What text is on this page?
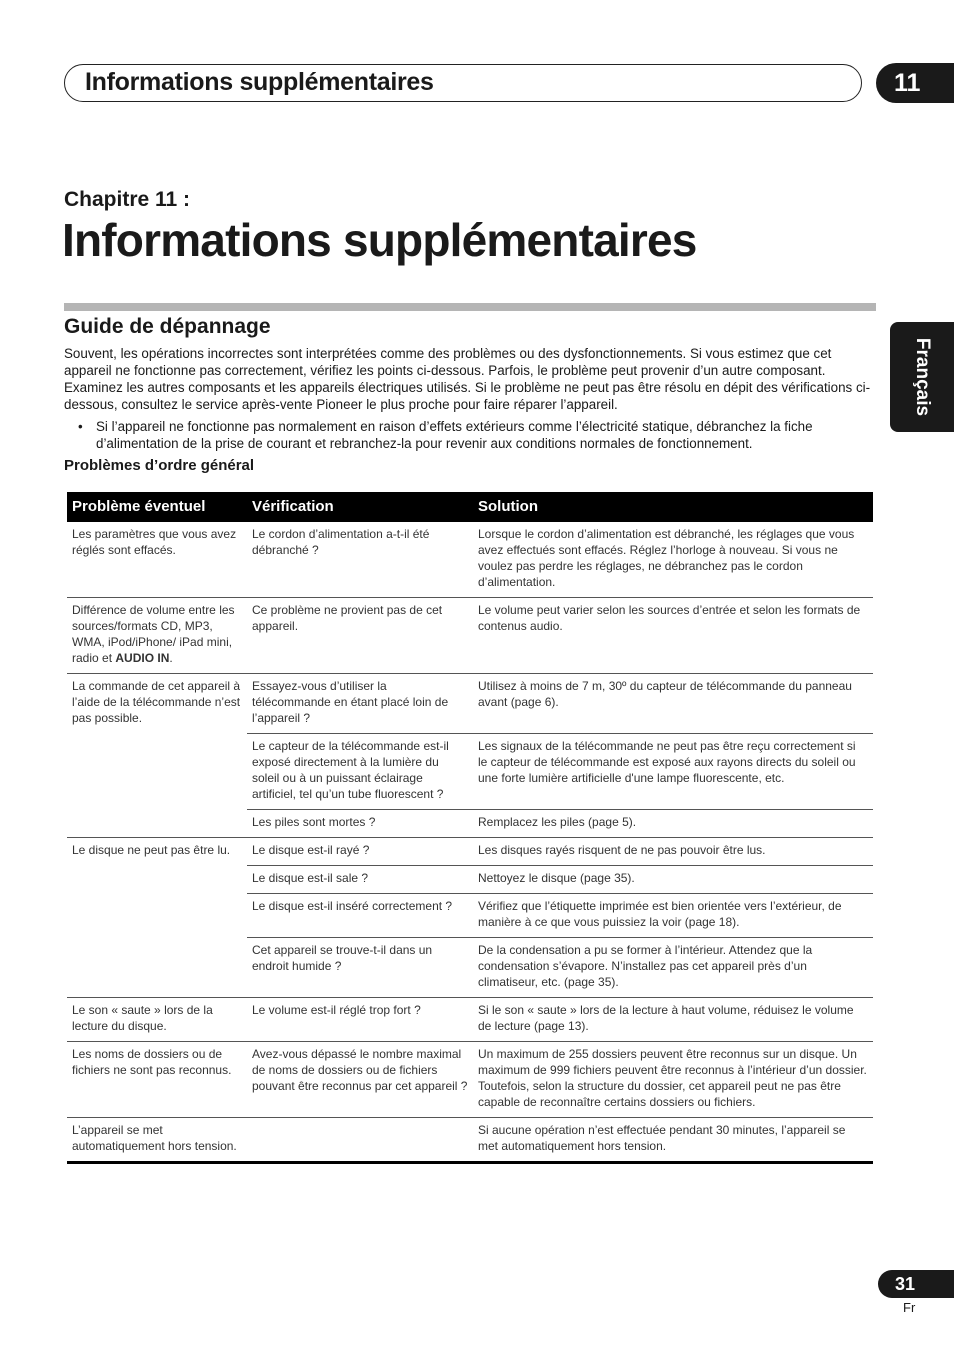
Informations supplémentaires	11
Chapitre 11 :
Informations supplémentaires
Français
Guide de dépannage
Souvent, les opérations incorrectes sont interprétées comme des problèmes ou des dysfonctionnements. Si vous estimez que cet appareil ne fonctionne pas correctement, vérifiez les points ci-dessous. Parfois, le problème peut provenir d’un autre composant. Examinez les autres composants et les appareils électriques utilisés. Si le problème ne peut pas être résolu en dépit des vérifications ci-dessous, consultez le service après-vente Pioneer le plus proche pour faire réparer l’appareil.
• Si l’appareil ne fonctionne pas normalement en raison d’effets extérieurs comme l’électricité statique, débranchez la fiche d’alimentation de la prise de courant et rebranchez-la pour revenir aux conditions normales de fonctionnement.
Problèmes d’ordre général
Problème éventuel	Vérification	Solution
Les paramètres que vous avez réglés sont effacés.	Le cordon d’alimentation a-t-il été débranché ?	Lorsque le cordon d’alimentation est débranché, les réglages que vous avez effectués sont effacés. Réglez l’horloge à nouveau. Si vous ne voulez pas perdre les réglages, ne débranchez pas le cordon d’alimentation.
Différence de volume entre les sources/formats CD, MP3, WMA, iPod/iPhone/ iPad mini, radio et AUDIO IN.	Ce problème ne provient pas de cet appareil.	Le volume peut varier selon les sources d’entrée et selon les formats de contenus audio.
La commande de cet appareil à l’aide de la télécommande n’est pas possible.	Essayez-vous d’utiliser la télécommande en étant placé loin de l’appareil ?	Utilisez à moins de 7 m, 30º du capteur de télécommande du panneau avant (page 6).
	Le capteur de la télécommande est-il exposé directement à la lumière du soleil ou à un puissant éclairage artificiel, tel qu’un tube fluorescent ?	Les signaux de la télécommande ne peut pas être reçu correctement si le capteur de télécommande est exposé aux rayons directs du soleil ou une forte lumière artificielle d'une lampe fluorescente, etc.
	Les piles sont mortes ?	Remplacez les piles (page 5).
Le disque ne peut pas être lu.	Le disque est-il rayé ?	Les disques rayés risquent de ne pas pouvoir être lus.
	Le disque est-il sale ?	Nettoyez le disque (page 35).
	Le disque est-il inséré correctement ?	Vérifiez que l’étiquette imprimée est bien orientée vers l’extérieur, de manière à ce que vous puissiez la voir (page 18).
	Cet appareil se trouve-t-il dans un endroit humide ?	De la condensation a pu se former à l’intérieur. Attendez que la condensation s’évapore. N’installez pas cet appareil près d’un climatiseur, etc. (page 35).
Le son « saute » lors de la lecture du disque.	Le volume est-il réglé trop fort ?	Si le son « saute » lors de la lecture à haut volume, réduisez le volume de lecture (page 13).
Les noms de dossiers ou de fichiers ne sont pas reconnus.	Avez-vous dépassé le nombre maximal de noms de dossiers ou de fichiers pouvant être reconnus par cet appareil ?	Un maximum de 255 dossiers peuvent être reconnus sur un disque. Un maximum de 999 fichiers peuvent être reconnus à l’intérieur d’un dossier. Toutefois, selon la structure du dossier, cet appareil peut ne pas être capable de reconnaître certains dossiers ou fichiers.
L’appareil se met automatiquement hors tension.		Si aucune opération n’est effectuée pendant 30 minutes, l’appareil se met automatiquement hors tension.
31
Fr
